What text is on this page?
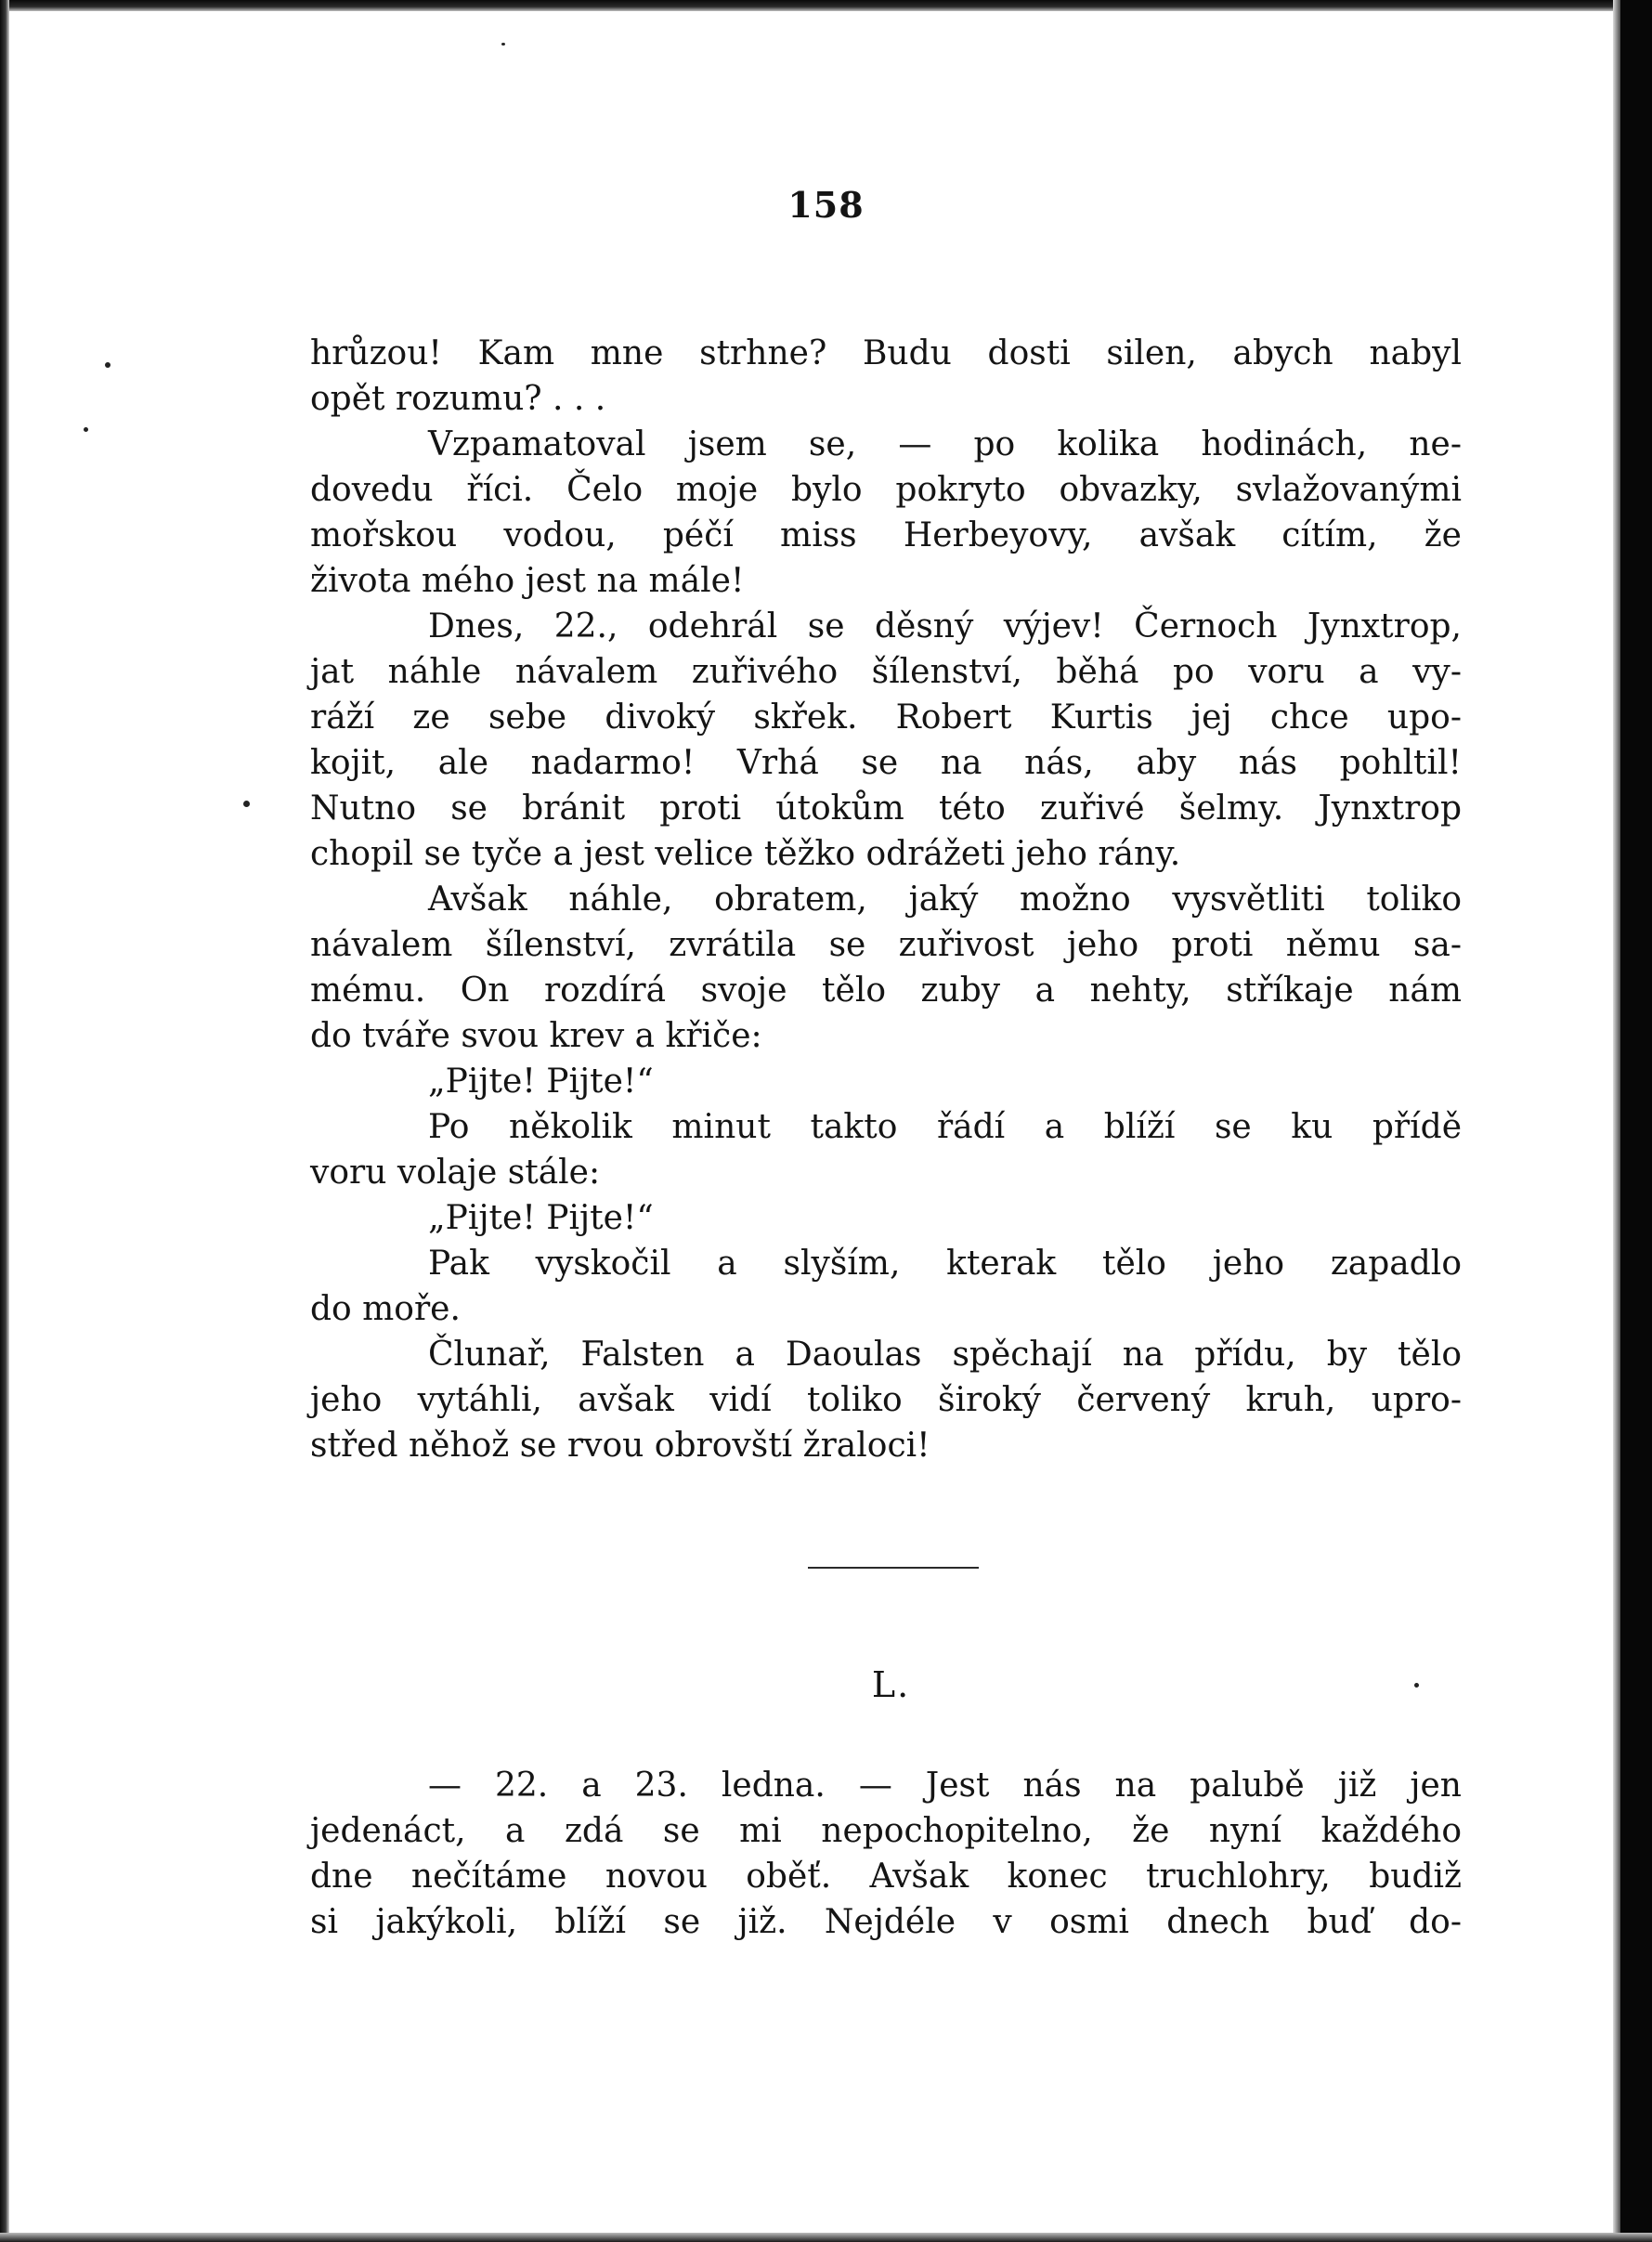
158
hrůzou! Kam mne strhne? Budu dosti silen, abych nabyl
opět rozumu? . . .
Vzpamatoval jsem se, — po kolika hodinách, ne-
dovedu říci. Čelo moje bylo pokryto obvazky, svlažovanými
mořskou vodou, péčí miss Herbeyovy, avšak cítím, že
života mého jest na mále!
Dnes, 22., odehrál se děsný výjev! Černoch Jynxtrop,
jat náhle návalem zuřivého šílenství, běhá po voru a vy-
ráží ze sebe divoký skřek. Robert Kurtis jej chce upo-
kojit, ale nadarmo! Vrhá se na nás, aby nás pohltil!
Nutno se bránit proti útokům této zuřivé šelmy. Jynxtrop
chopil se tyče a jest velice těžko odrážeti jeho rány.
Avšak náhle, obratem, jaký možno vysvětliti toliko
návalem šílenství, zvrátila se zuřivost jeho proti němu sa-
mému. On rozdírá svoje tělo zuby a nehty, stříkaje nám
do tváře svou krev a křiče:
„Pijte! Pijte!“
Po několik minut takto řádí a blíží se ku přídě
voru volaje stále:
„Pijte! Pijte!“
Pak vyskočil a slyším, kterak tělo jeho zapadlo
do moře.
Člunař, Falsten a Daoulas spěchají na přídu, by tělo
jeho vytáhli, avšak vidí toliko široký červený kruh, upro-
střed něhož se rvou obrovští žraloci!
L.
— 22. a 23. ledna. — Jest nás na palubě již jen
jedenáct, a zdá se mi nepochopitelno, že nyní každého
dne nečítáme novou oběť. Avšak konec truchlohry, budiž
si jakýkoli, blíží se již. Nejdéle v osmi dnech buď do-
